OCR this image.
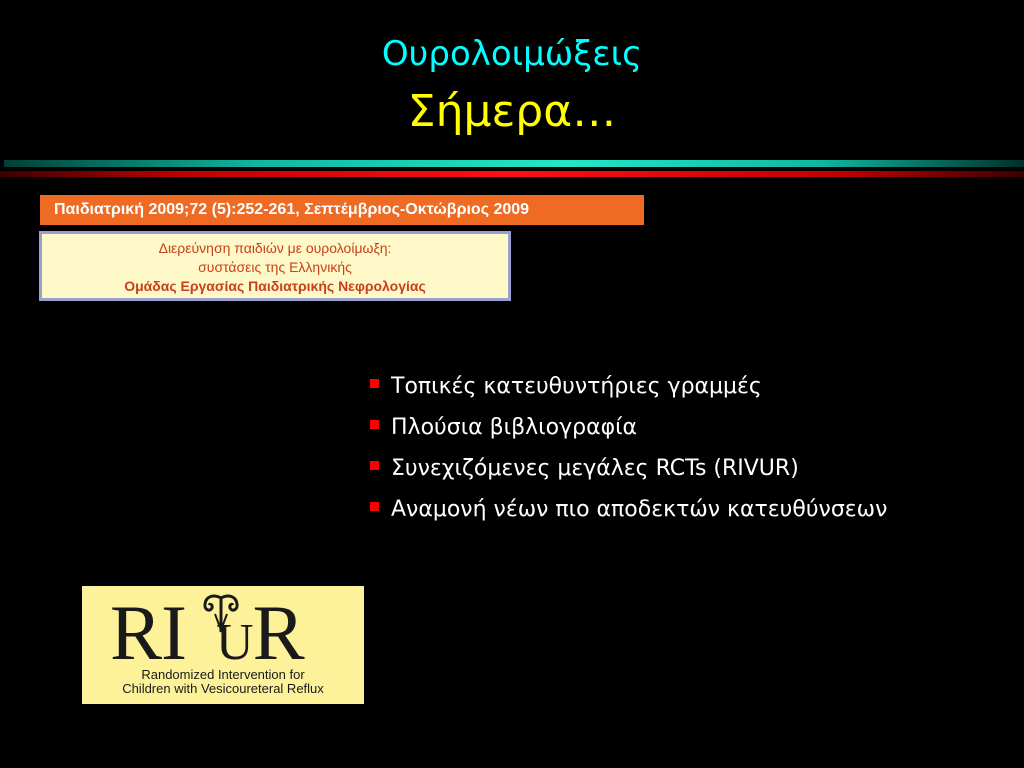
Ουρολοιμώξεις
Σήμερα…
Παιδιατρική 2009;72 (5):252-261, Σεπτέμβριος-Οκτώβριος 2009
Διερεύνηση παιδιών με ουρολοίμωξη:
συστάσεις της Ελληνικής
Ομάδας Εργασίας Παιδιατρικής Νεφρολογίας
Τοπικές κατευθυντήριες γραμμές
Πλούσια βιβλιογραφία
Συνεχιζόμενες μεγάλες RCTs (RIVUR)
Αναμονή νέων πιο αποδεκτών κατευθύνσεων
RI UR
Randomized Intervention for
Children with Vesicoureteral Reflux
